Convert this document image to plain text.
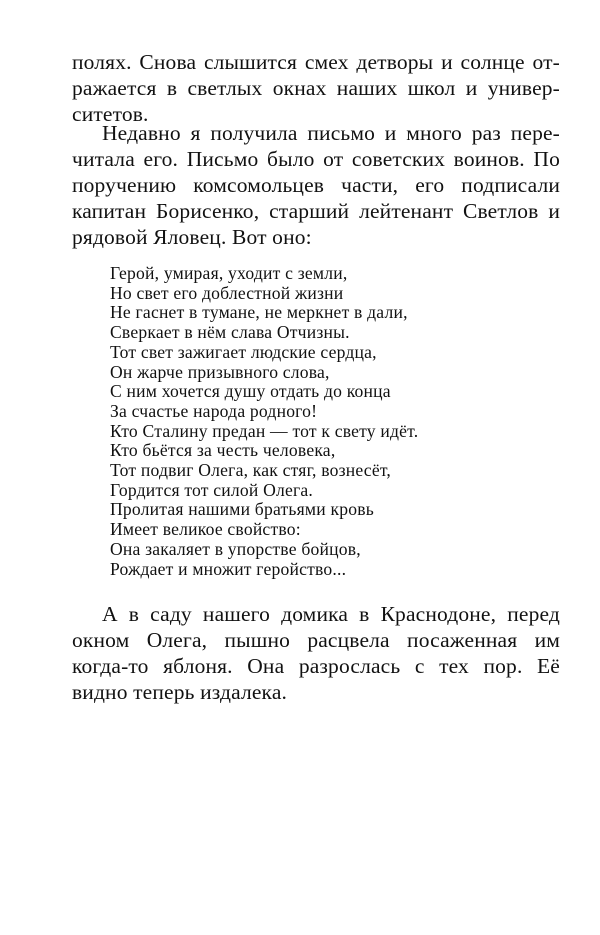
полях. Снова слышится смех детворы и солнце от-
ражается в светлых окнах наших школ и универ-
ситетов.
Недавно я получила письмо и много раз пере-
читала его. Письмо было от советских воинов. По
поручению комсомольцев части, его подписали
капитан Борисенко, старший лейтенант Светлов и
рядовой Яловец. Вот оно:
Герой, умирая, уходит с земли,
Но свет его доблестной жизни
Не гаснет в тумане, не меркнет в дали,
Сверкает в нём слава Отчизны.
Тот свет зажигает людские сердца,
Он жарче призывного слова,
С ним хочется душу отдать до конца
За счастье народа родного!
Кто Сталину предан — тот к свету идёт.
Кто бьётся за честь человека,
Тот подвиг Олега, как стяг, вознесёт,
Гордится тот силой Олега.
Пролитая нашими братьями кровь
Имеет великое свойство:
Она закаляет в упорстве бойцов,
Рождает и множит геройство...
А в саду нашего домика в Краснодоне, перед
окном Олега, пышно расцвела посаженная им
когда-то яблоня. Она разрослась с тех пор. Её
видно теперь издалека.
